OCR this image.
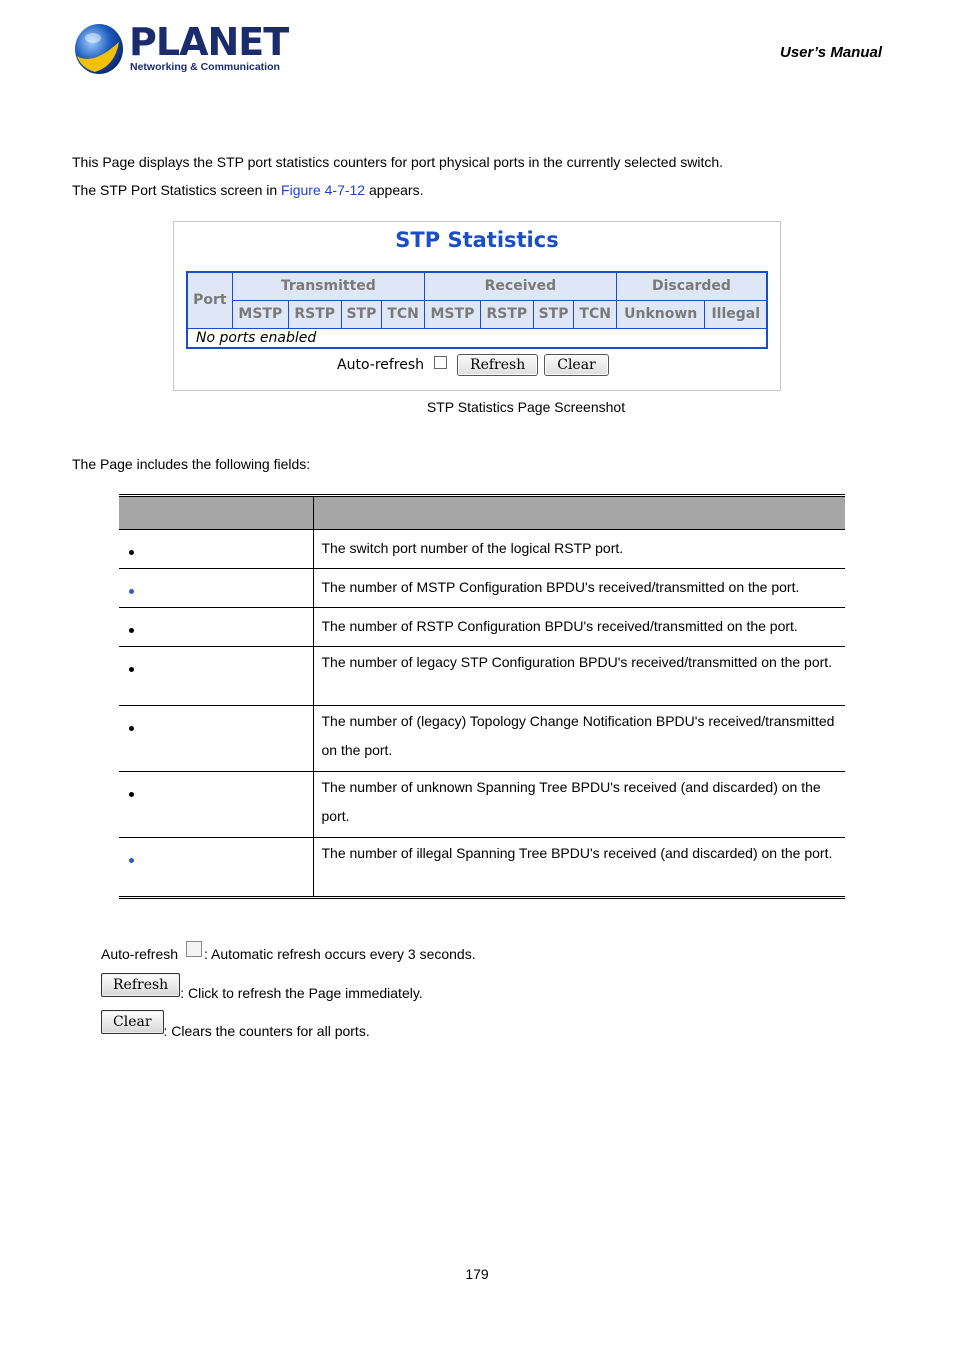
PLANET
Networking & Communication
User’s Manual
This Page displays the STP port statistics counters for port physical ports in the currently selected switch.
The STP Port Statistics screen in Figure 4-7-12 appears.
STP Statistics
Port	Transmitted				Received				Discarded	
	MSTP	RSTP	STP	TCN	MSTP	RSTP	STP	TCN	Unknown	Illegal
No ports enabled										
Auto-refresh	Refresh	Clear
STP Statistics Page Screenshot
The Page includes the following fields:

	The switch port number of the logical RSTP port.
	The number of MSTP Configuration BPDU's received/transmitted on the port.
	The number of RSTP Configuration BPDU's received/transmitted on the port.
	The number of legacy STP Configuration BPDU's received/transmitted on the port.
	The number of (legacy) Topology Change Notification BPDU's received/transmitted on the port.
	The number of unknown Spanning Tree BPDU's received (and discarded) on the port.
	The number of illegal Spanning Tree BPDU's received (and discarded) on the port.
Auto-refresh : Automatic refresh occurs every 3 seconds.
Refresh : Click to refresh the Page immediately.
Clear
: Clears the counters for all ports.
179
